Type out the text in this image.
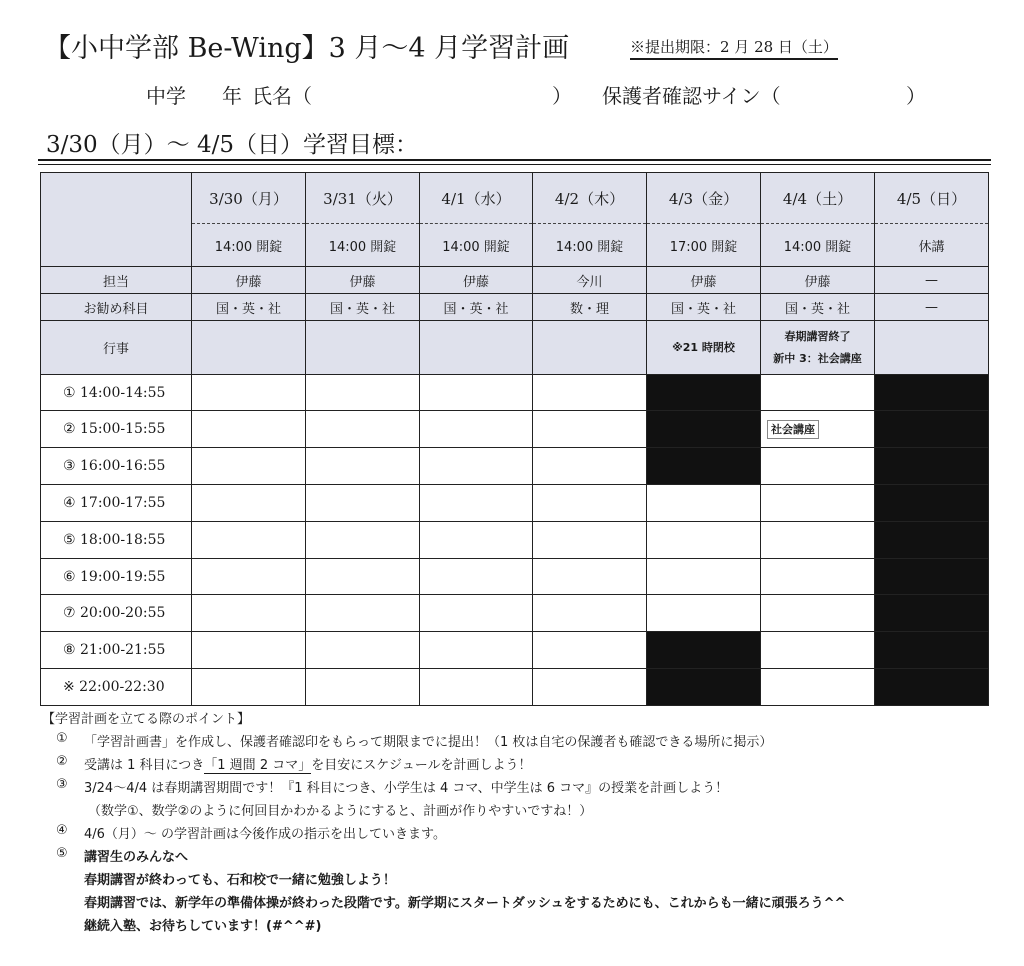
【小中学部 Be-Wing】3 月〜4 月学習計画	※提出期限：2 月 28 日（土）
中学 年 氏名（	） 保護者確認サイン（	）
3/30（月）〜 4/5（日）学習目標：
	3/30（月）	3/31（火）	4/1（水）	4/2（木）	4/3（金）	4/4（土）	4/5（日）
	14:00 開錠	14:00 開錠	14:00 開錠	14:00 開錠	17:00 開錠	14:00 開錠	休講
担当	伊藤	伊藤	伊藤	今川	伊藤	伊藤	—
お勧め科目	国・英・社	国・英・社	国・英・社	数・理	国・英・社	国・英・社	—
行事					※21 時閉校	春期講習終了
新中 3：社会講座	
① 14:00-14:55							
② 15:00-15:55						社会講座	
③ 16:00-16:55							
④ 17:00-17:55							
⑤ 18:00-18:55							
⑥ 19:00-19:55							
⑦ 20:00-20:55							
⑧ 21:00-21:55							
※ 22:00-22:30							
【学習計画を立てる際のポイント】
① 「学習計画書」を作成し、保護者確認印をもらって期限までに提出！（1 枚は自宅の保護者も確認できる場所に掲示）
② 受講は 1 科目につき「1 週間 2 コマ」を目安にスケジュールを計画しよう！
③ 3/24〜4/4 は春期講習期間です！『1 科目につき、小学生は 4 コマ、中学生は 6 コマ』の授業を計画しよう！
（数学①、数学②のように何回目かわかるようにすると、計画が作りやすいですね！）
④ 4/6（月）〜 の学習計画は今後作成の指示を出していきます。
⑤ 講習生のみんなへ
春期講習が終わっても、石和校で一緒に勉強しよう！
春期講習では、新学年の準備体操が終わった段階です。新学期にスタートダッシュをするためにも、これからも一緒に頑張ろう^^
継続入塾、お待ちしています！(#^^#)
